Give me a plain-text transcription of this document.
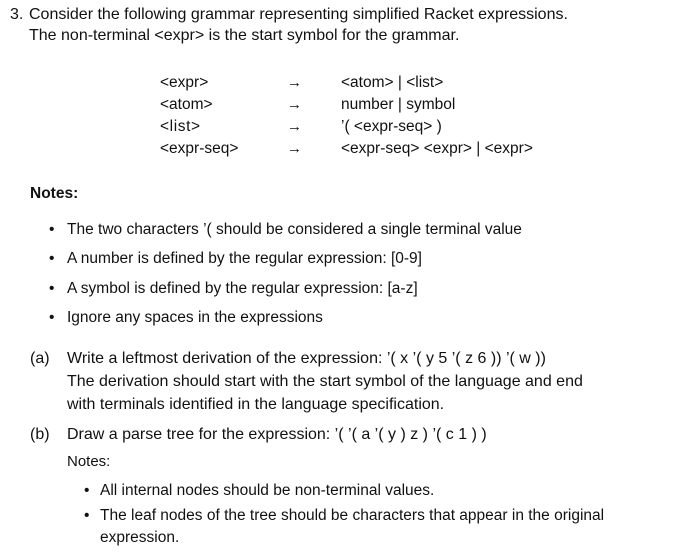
3. Consider the following grammar representing simplified Racket expressions.
The non-terminal <expr> is the start symbol for the grammar.
<expr>	→	<atom> | <list>
<atom>	→	number | symbol
<list>	→	’( <expr-seq> )
<expr-seq>	→	<expr-seq> <expr> | <expr>
Notes:
• The two characters ’( should be considered a single terminal value
• A number is defined by the regular expression: [0-9]
• A symbol is defined by the regular expression: [a-z]
• Ignore any spaces in the expressions
(a) Write a leftmost derivation of the expression: ’( x ’( y 5 ’( z 6 )) ’( w ))
The derivation should start with the start symbol of the language and end
with terminals identified in the language specification.
(b) Draw a parse tree for the expression: ’( ’( a ’( y ) z ) ’( c 1 ) )
Notes:
• All internal nodes should be non-terminal values.
• The leaf nodes of the tree should be characters that appear in the original
expression.
